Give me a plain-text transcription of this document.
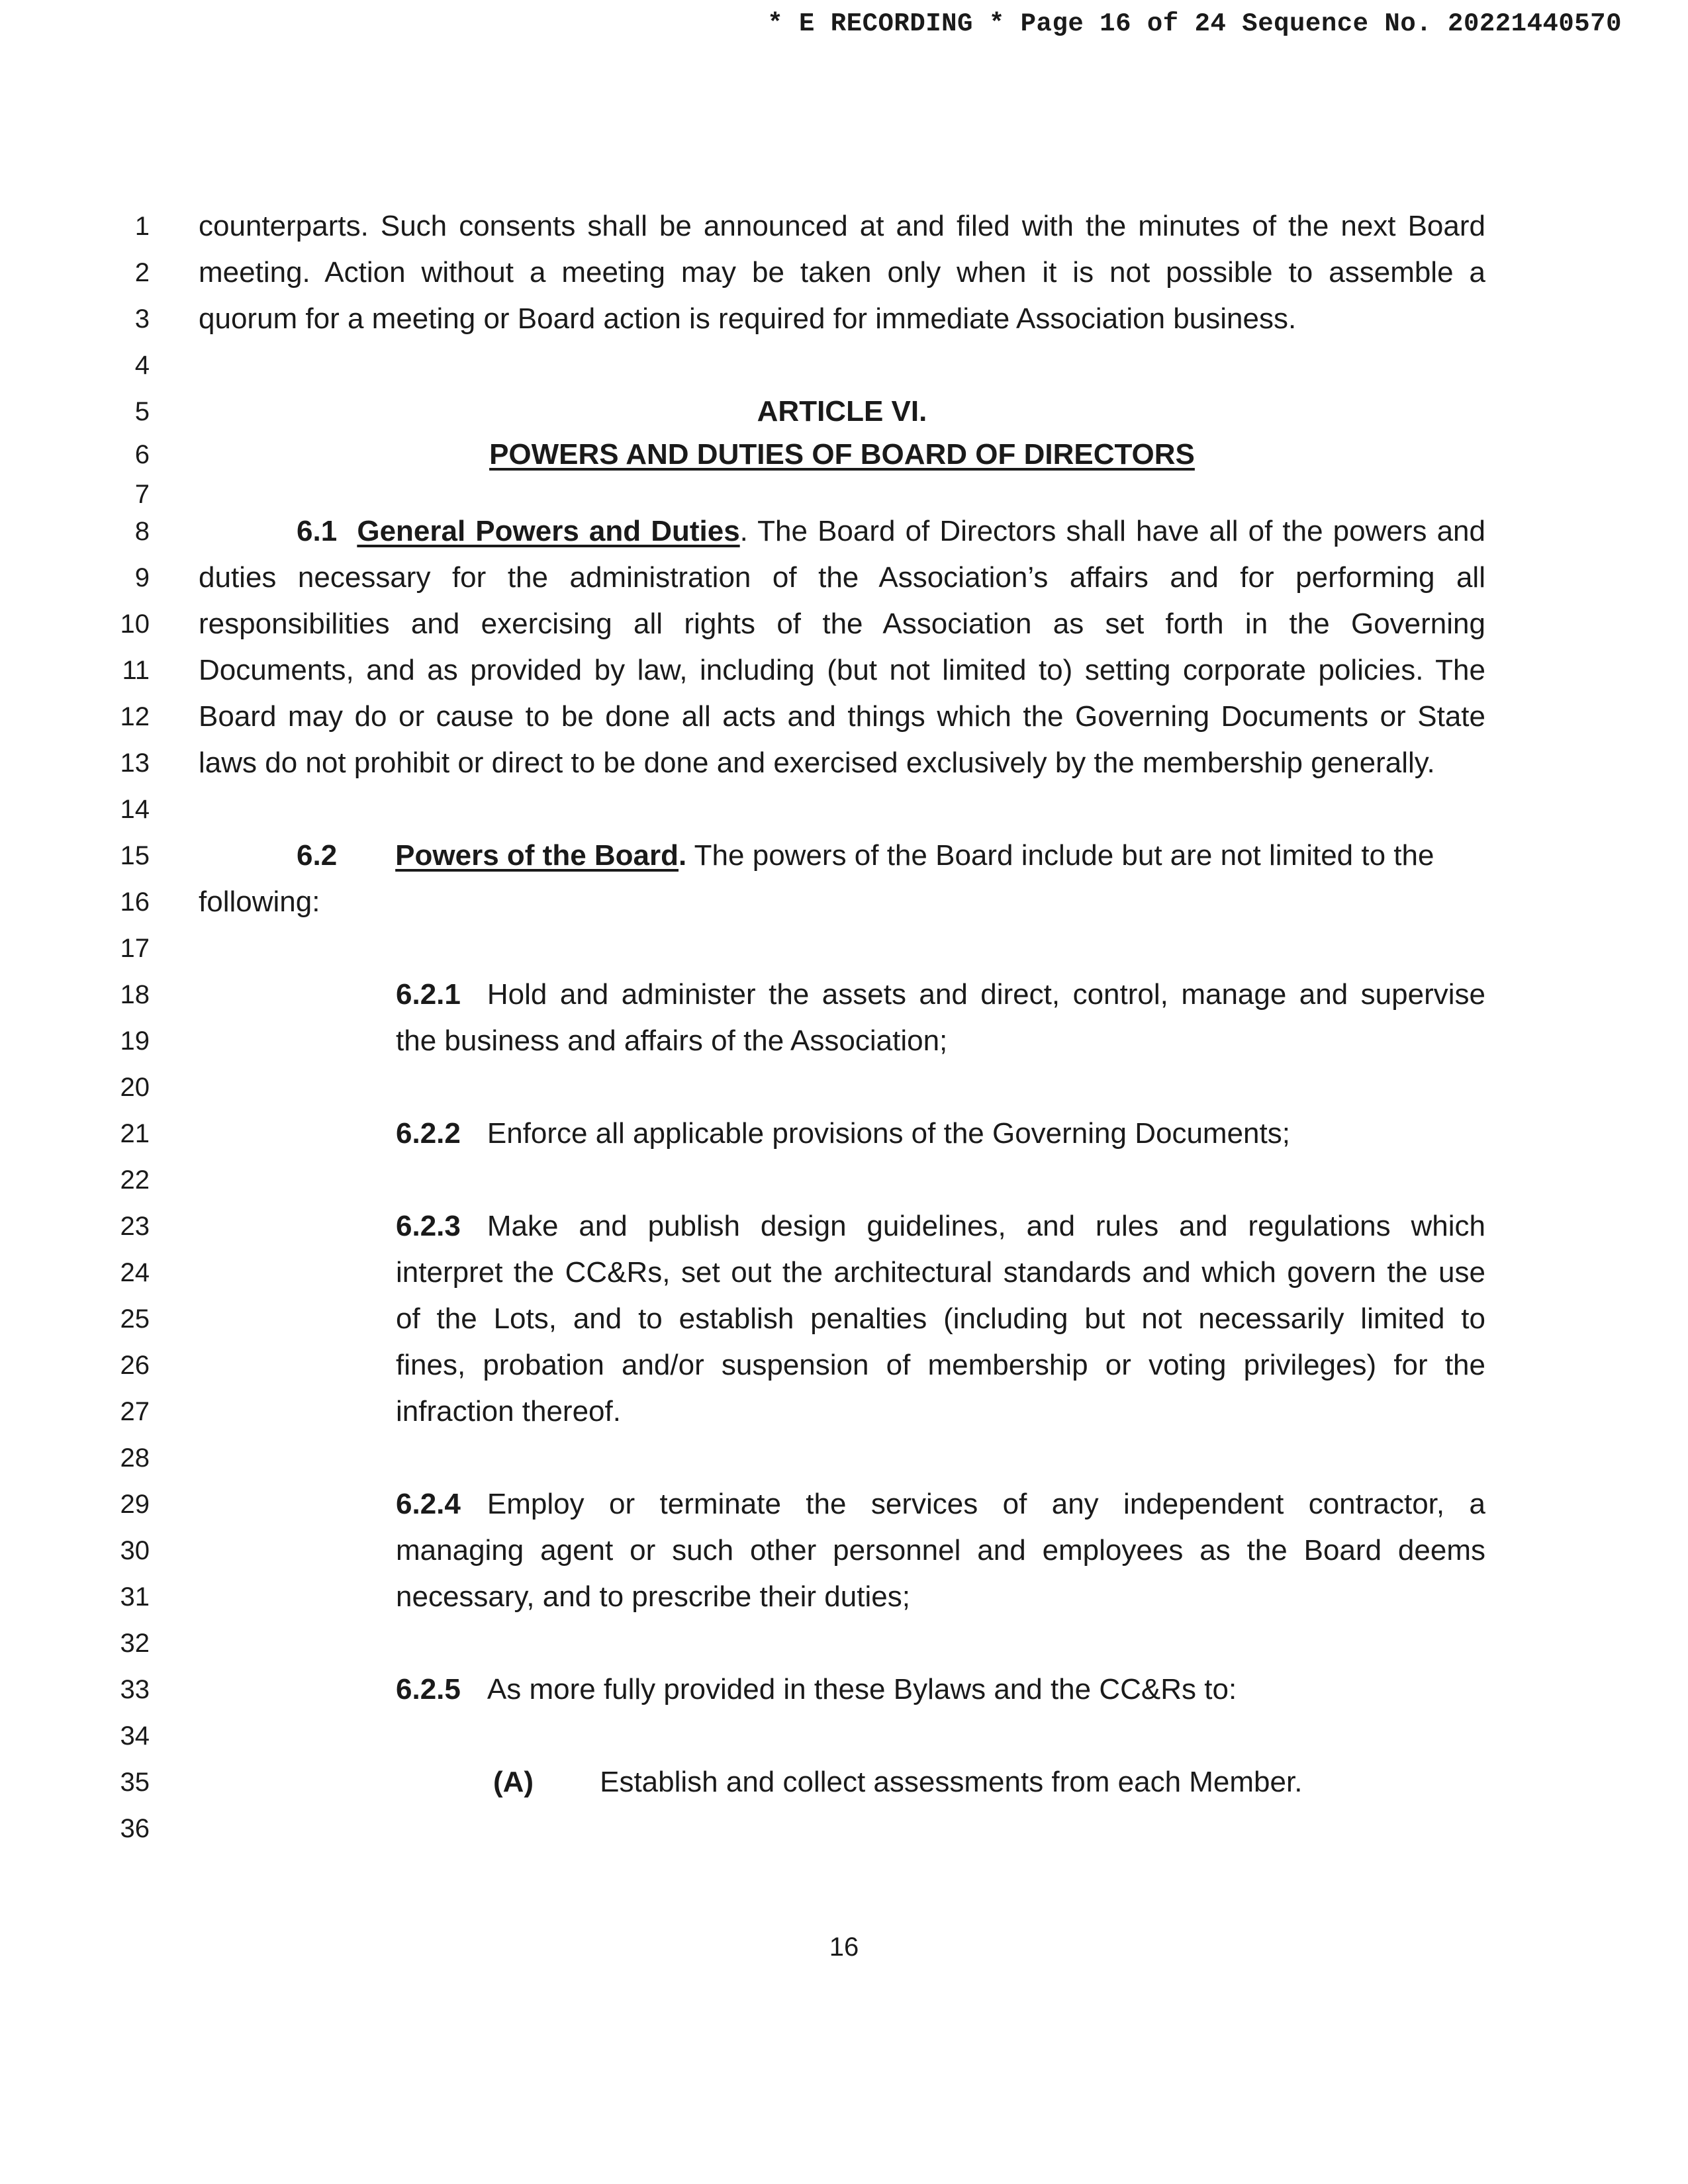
* E RECORDING * Page 16 of 24 Sequence No. 20221440570
1
2
3
4
5
6
7
8
9
10
11
12
13
14
15
16
17
18
19
20
21
22
23
24
25
26
27
28
29
30
31
32
33
34
35
36
counterparts. Such consents shall be announced at and filed with the minutes of the next Board
meeting. Action without a meeting may be taken only when it is not possible to assemble a
quorum for a meeting or Board action is required for immediate Association business.
ARTICLE VI.
POWERS AND DUTIES OF BOARD OF DIRECTORS
6.1 General Powers and Duties. The Board of Directors shall have all of the powers and
duties necessary for the administration of the Association’s affairs and for performing all
responsibilities and exercising all rights of the Association as set forth in the Governing
Documents, and as provided by law, including (but not limited to) setting corporate policies. The
Board may do or cause to be done all acts and things which the Governing Documents or State
laws do not prohibit or direct to be done and exercised exclusively by the membership generally.
6.2 Powers of the Board. The powers of the Board include but are not limited to the
following:
6.2.1 Hold and administer the assets and direct, control, manage and supervise
the business and affairs of the Association;
6.2.2 Enforce all applicable provisions of the Governing Documents;
6.2.3 Make and publish design guidelines, and rules and regulations which
interpret the CC&Rs, set out the architectural standards and which govern the use
of the Lots, and to establish penalties (including but not necessarily limited to
fines, probation and/or suspension of membership or voting privileges) for the
infraction thereof.
6.2.4 Employ or terminate the services of any independent contractor, a
managing agent or such other personnel and employees as the Board deems
necessary, and to prescribe their duties;
6.2.5 As more fully provided in these Bylaws and the CC&Rs to:
(A) Establish and collect assessments from each Member.
16
